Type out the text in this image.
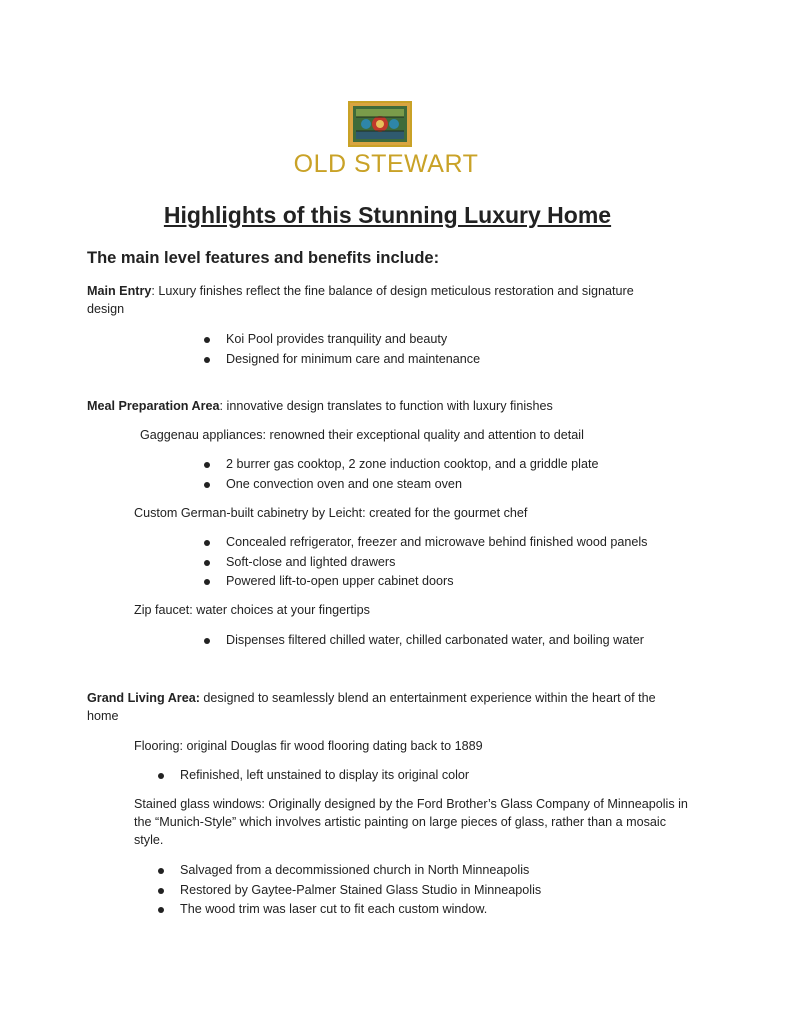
OLD STEWART
Highlights of this Stunning Luxury Home
The main level features and benefits include:
Main Entry: Luxury finishes reflect the fine balance of design meticulous restoration and signature design
Koi Pool provides tranquility and beauty
Designed for minimum care and maintenance
Meal Preparation Area: innovative design translates to function with luxury finishes
Gaggenau appliances: renowned their exceptional quality and attention to detail
2 burrer gas cooktop, 2 zone induction cooktop, and a griddle plate
One convection oven and one steam oven
Custom German-built cabinetry by Leicht: created for the gourmet chef
Concealed refrigerator, freezer and microwave behind finished wood panels
Soft-close and lighted drawers
Powered lift-to-open upper cabinet doors
Zip faucet: water choices at your fingertips
Dispenses filtered chilled water, chilled carbonated water, and boiling water
Grand Living Area: designed to seamlessly blend an entertainment experience within the heart of the home
Flooring: original Douglas fir wood flooring dating back to 1889
Refinished, left unstained to display its original color
Stained glass windows: Originally designed by the Ford Brother’s Glass Company of Minneapolis in the “Munich-Style” which involves artistic painting on large pieces of glass, rather than a mosaic style.
Salvaged from a decommissioned church in North Minneapolis
Restored by Gaytee-Palmer Stained Glass Studio in Minneapolis
The wood trim was laser cut to fit each custom window.
